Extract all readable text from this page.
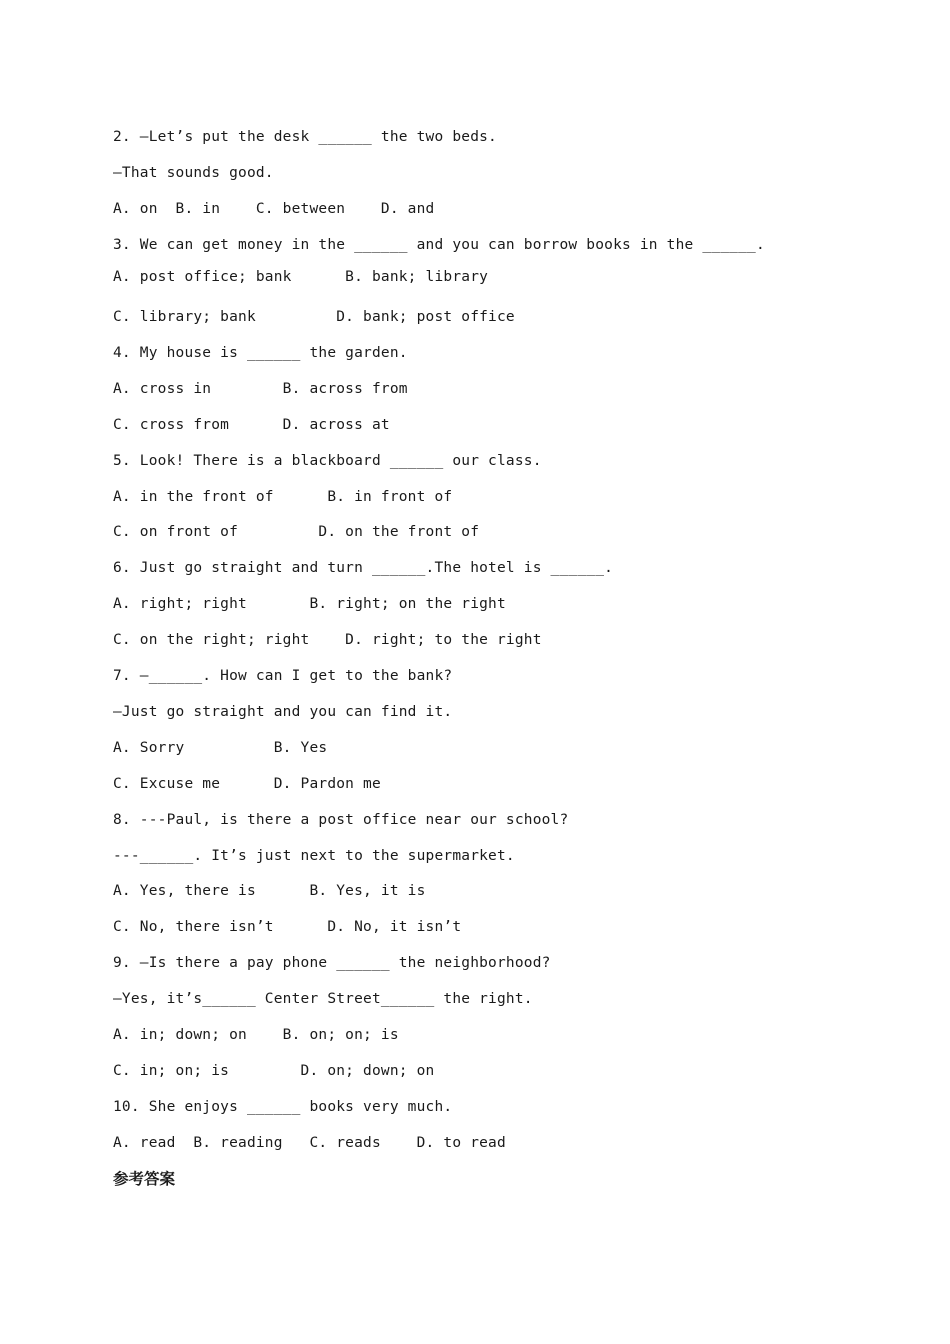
2. —Let’s put the desk ______ the two beds.
—That sounds good.
A. on  B. in    C. between    D. and
3. We can get money in the ______ and you can borrow books in the ______.
A. post office; bank      B. bank; library
C. library; bank         D. bank; post office
4. My house is ______ the garden.
A. cross in        B. across from
C. cross from      D. across at
5. Look! There is a blackboard ______ our class.
A. in the front of      B. in front of
C. on front of         D. on the front of
6. Just go straight and turn ______.The hotel is ______.
A. right; right       B. right; on the right
C. on the right; right    D. right; to the right
7. —______. How can I get to the bank?
—Just go straight and you can find it.
A. Sorry          B. Yes
C. Excuse me      D. Pardon me
8. ---Paul, is there a post office near our school?
---______. It’s just next to the supermarket.
A. Yes, there is      B. Yes, it is
C. No, there isn’t      D. No, it isn’t
9. —Is there a pay phone ______ the neighborhood?
—Yes, it’s______ Center Street______ the right.
A. in; down; on    B. on; on; is
C. in; on; is        D. on; down; on
10. She enjoys ______ books very much.
A. read  B. reading   C. reads    D. to read
参考答案
